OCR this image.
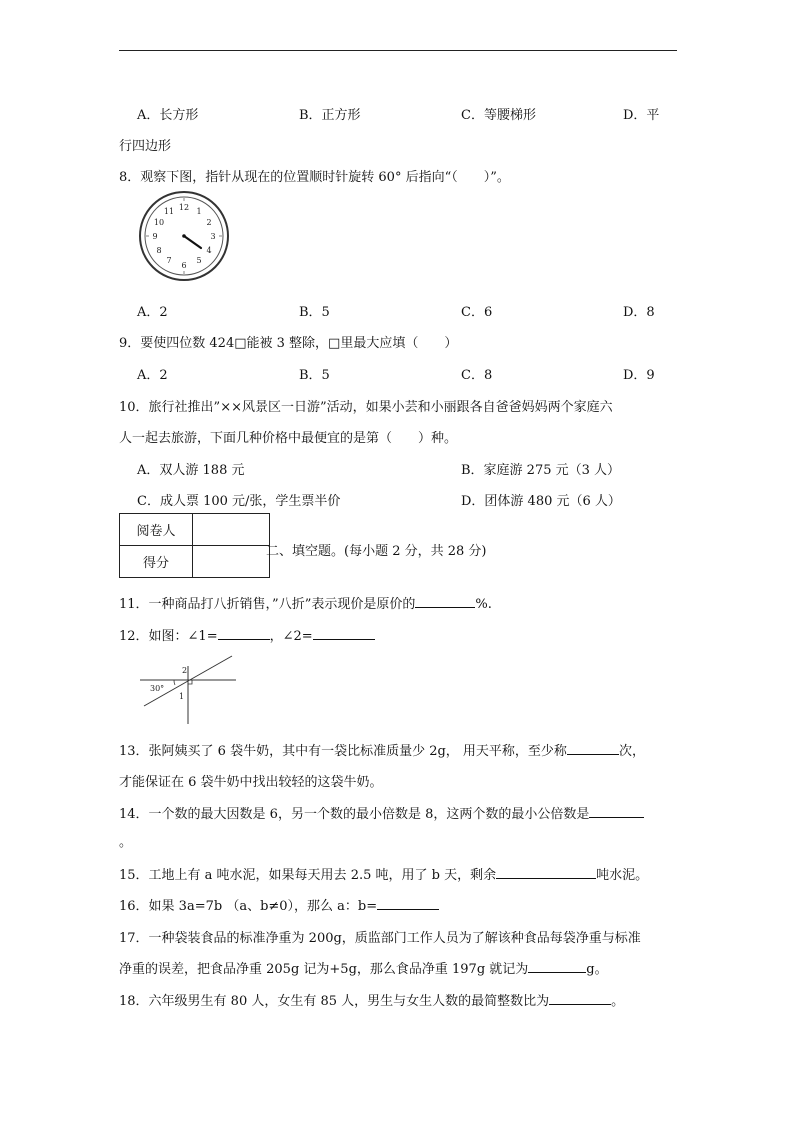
A．长方形	B．正方形	C．等腰梯形	D．平
行四边形
8．观察下图，指针从现在的位置顺时针旋转 60° 后指向“（　　）”。
12 1
2
3
4
5
6
7
8
9
10
11
A．2	B．5	C．6	D．8
9．要使四位数 424□能被 3 整除，□里最大应填（　　）
A．2	B．5	C．8	D．9
10．旅行社推出”××风景区一日游”活动，如果小芸和小丽跟各自爸爸妈妈两个家庭六
人一起去旅游，下面几种价格中最便宜的是第（　　）种。
A．双人游 188 元	B．家庭游 275 元（3 人）
C．成人票 100 元/张，学生票半价	D．团体游 480 元（6 人）
阅卷人	
得分	
二、填空题。(每小题 2 分，共 28 分)
11．一种商品打八折销售，”八折”表示现价是原价的	%.
12．如图：∠1=	，∠2=
30°
2
1
13．张阿姨买了 6 袋牛奶，其中有一袋比标准质量少 2g， 用天平称，至少称	次，
才能保证在 6 袋牛奶中找出较轻的这袋牛奶。
14．一个数的最大因数是 6，另一个数的最小倍数是 8，这两个数的最小公倍数是
。
15．工地上有 a 吨水泥，如果每天用去 2.5 吨，用了 b 天，剩余	吨水泥。
16．如果 3a=7b （a、b≠0），那么 a：b=
17．一种袋装食品的标准净重为 200g，质监部门工作人员为了解该种食品每袋净重与标准
净重的误差，把食品净重 205g 记为+5g，那么食品净重 197g 就记为	g。
18．六年级男生有 80 人，女生有 85 人，男生与女生人数的最简整数比为	。
